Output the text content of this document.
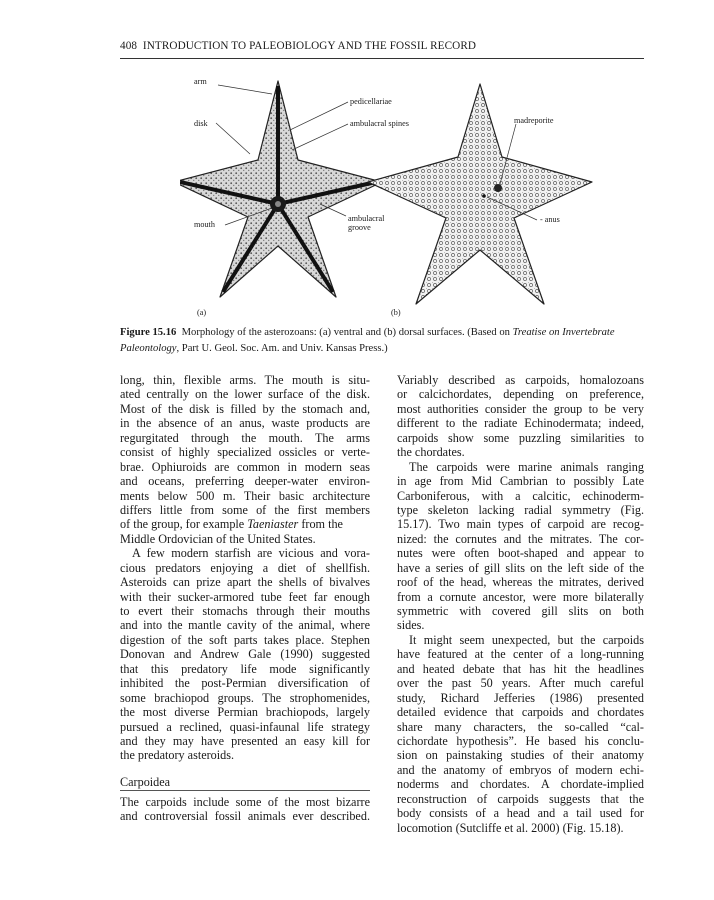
408 INTRODUCTION TO PALEOBIOLOGY AND THE FOSSIL RECORD
arm
disk
mouth
pedicellariae
ambulacral spines
ambulacral
groove
madreporite
- anus
(a)	(b)
Figure 15.16 Morphology of the asterozoans: (a) ventral and (b) dorsal surfaces. (Based on Treatise on Invertebrate Paleontology, Part U. Geol. Soc. Am. and Univ. Kansas Press.)
long, thin, flexible arms. The mouth is situ-
ated centrally on the lower surface of the disk.
Most of the disk is filled by the stomach and,
in the absence of an anus, waste products are
regurgitated through the mouth. The arms
consist of highly specialized ossicles or verte-
brae. Ophiuroids are common in modern seas
and oceans, preferring deeper-water environ-
ments below 500 m. Their basic architecture
differs little from some of the first members
of the group, for example Taeniaster from the
Middle Ordovician of the United States.
A few modern starfish are vicious and vora-
cious predators enjoying a diet of shellfish.
Asteroids can prize apart the shells of bivalves
with their sucker-armored tube feet far enough
to evert their stomachs through their mouths
and into the mantle cavity of the animal, where
digestion of the soft parts takes place. Stephen
Donovan and Andrew Gale (1990) suggested
that this predatory life mode significantly
inhibited the post-Permian diversification of
some brachiopod groups. The strophomenides,
the most diverse Permian brachiopods, largely
pursued a reclined, quasi-infaunal life strategy
and they may have presented an easy kill for
the predatory asteroids.
Carpoidea
The carpoids include some of the most bizarre
and controversial fossil animals ever described.
Variably described as carpoids, homalozoans
or calcichordates, depending on preference,
most authorities consider the group to be very
different to the radiate Echinodermata; indeed,
carpoids show some puzzling similarities to
the chordates.
The carpoids were marine animals ranging
in age from Mid Cambrian to possibly Late
Carboniferous, with a calcitic, echinoderm-
type skeleton lacking radial symmetry (Fig.
15.17). Two main types of carpoid are recog-
nized: the cornutes and the mitrates. The cor-
nutes were often boot-shaped and appear to
have a series of gill slits on the left side of the
roof of the head, whereas the mitrates, derived
from a cornute ancestor, were more bilaterally
symmetric with covered gill slits on both
sides.
It might seem unexpected, but the carpoids
have featured at the center of a long-running
and heated debate that has hit the headlines
over the past 50 years. After much careful
study, Richard Jefferies (1986) presented
detailed evidence that carpoids and chordates
share many characters, the so-called “cal-
cichordate hypothesis”. He based his conclu-
sion on painstaking studies of their anatomy
and the anatomy of embryos of modern echi-
noderms and chordates. A chordate-implied
reconstruction of carpoids suggests that the
body consists of a head and a tail used for
locomotion (Sutcliffe et al. 2000) (Fig. 15.18).
